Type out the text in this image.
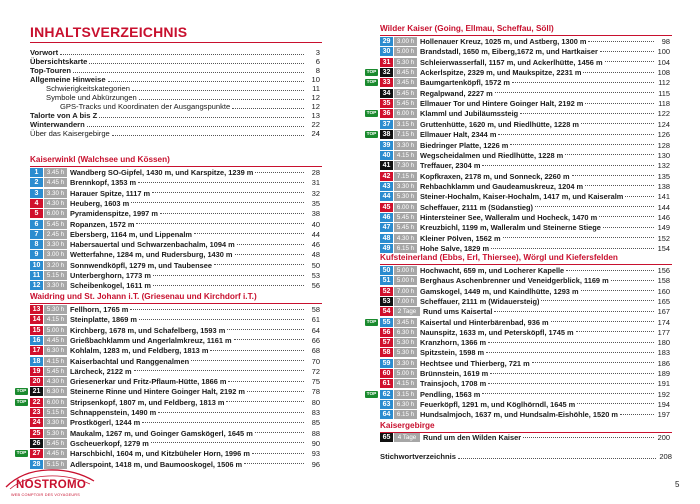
INHALTSVERZEICHNIS
Vorwort	3
Übersichtskarte	6
Top-Touren	8
Allgemeine Hinweise	10
Schwierigkeitskategorien	11
Symbole und Abkürzungen	12
GPS-Tracks und Koordinaten der Ausgangspunkte	12
Talorte von A bis Z	13
Winterwandern	22
Über das Kaisergebirge	24
Kaiserwinkl (Walchsee und Kössen)
1	3.45 h Wandberg SO-Gipfel, 1430 m, und Karspitze, 1239 m	28
2	4.45 h Brennkopf, 1353 m	31
3	3.30 h Harauer Spitze, 1117 m	32
4	4.30 h Heuberg, 1603 m	35
5	6.00 h Pyramidenspitze, 1997 m	38
6	5.45 h Ropanzen, 1572 m	40
7	2.45 h Ebersberg, 1164 m, und Lippenalm	44
8	3.30 h Habersauertal und Schwarzenbachalm, 1094 m	46
9	3.00 h Wetterfahne, 1284 m, und Rudersburg, 1430 m	48
10	3.20 h Sonnwendköpfl, 1279 m, und Taubensee	50
11	5.15 h Unterberghorn, 1773 m	53
12	3.30 h Scheibenkogel, 1611 m	56
Waidring und St. Johann i.T. (Griesenau und Kirchdorf i.T.)
13	5.30 h Fellhorn, 1765 m	58
14	4.15 h Steinplatte, 1869 m	61
15	5.00 h Kirchberg, 1678 m, und Schafelberg, 1593 m	64
16	4.45 h Grießbachklamm und Angerlalmkreuz, 1161 m	66
17	6.30 h Kohlalm, 1283 m, und Feldberg, 1813 m	68
18	4.15 h Kaiserbachtal und Ranggenalmen	70
19	5.45 h Lärcheck, 2122 m	72
20	4.30 h Griesenerkar und Fritz-Pflaum-Hütte, 1866 m	75
TOP 21	6.30 h Steinerne Rinne und Hintere Goinger Halt, 2192 m	78
TOP 22	6.00 h Stripsenkopf, 1807 m, und Feldberg, 1813 m	80
23	5.15 h Schnappenstein, 1490 m	83
24	3.30 h Prostkögerl, 1244 m	85
25	5.30 h Maukalm, 1267 m, und Goinger Gamskögerl, 1645 m	88
26	5.45 h Gscheuerkopf, 1279 m	90
TOP 27	4.45 h Harschbichl, 1604 m, und Kitzbüheler Horn, 1996 m	93
28	5.15 h Adlerspoint, 1418 m, und Baumooskogel, 1506 m	96
Wilder Kaiser (Going, Ellmau, Scheffau, Söll)
29	3.00 h Hollenauer Kreuz, 1025 m, und Astberg, 1300 m	98
30	5.00 h Brandstadl, 1650 m, Eiberg,1672 m, und Hartkaiser	100
31	5.30 h Schleierwasserfall, 1157 m, und Ackerlhütte, 1456 m	104
TOP 32	8.45 h Ackerlspitze, 2329 m, und Maukspitze, 2231 m	108
TOP 33	3.45 h Baumgartenköpfl, 1572 m	112
34	5.45 h Regalpwand, 2227 m	115
35	5.45 h Ellmauer Tor und Hintere Goinger Halt, 2192 m	118
TOP 36	6.00 h Klamml und Jubiläumssteig	122
37	3.15 h Gruttenhütte, 1620 m, und Riedlhütte, 1228 m	124
TOP 38	7.15 h Ellmauer Halt, 2344 m	126
39	3.30 h Biedringer Platte, 1226 m	128
40	4.15 h Wegscheidalmen und Riedlhütte, 1228 m	130
41	7.30 h Treffauer, 2304 m	132
42	7.15 h Kopfkraxen, 2178 m, und Sonneck, 2260 m	135
43	3.30 h Rehbachklamm und Gaudeamuskreuz, 1204 m	138
44	5.30 h Steiner-Hochalm, Kaiser-Hochalm, 1417 m, und Kaiseralm	141
45	6.00 h Scheffauer, 2111 m (Südanstieg)	144
46	5.45 h Hintersteiner See, Walleralm und Hocheck, 1470 m	146
47	5.45 h Kreuzbichl, 1199 m, Walleralm und Steinerne Stiege	149
48	4.30 h Kleiner Pölven, 1562 m	152
49	6.15 h Hohe Salve, 1829 m	154
Kufsteinerland (Ebbs, Erl, Thiersee), Wörgl und Kiefersfelden
50	5.00 h Hochwacht, 659 m, und Locherer Kapelle	156
51	5.00 h Berghaus Aschenbrenner und Veneidgerblick, 1169 m	158
52	7.00 h Gamskogel, 1449 m, und Kaindlhütte, 1293 m	160
53	7.00 h Scheffauer, 2111 m (Widauersteig)	165
54	2 Tage Rund ums Kaisertal	167
TOP 55	3.45 h Kaisertal und Hinterbärenbad, 936 m	174
56	6.30 h Naunspitz, 1633 m, und Petersköpfl, 1745 m	177
57	5.30 h Kranzhorn, 1366 m	180
58	5.30 h Spitzstein, 1598 m	183
59	3.30 h Hechtsee und Thierberg, 721 m	186
60	5.00 h Brünnstein, 1619 m	189
61	4.15 h Trainsjoch, 1708 m	191
TOP 62	3.15 h Pendling, 1563 m	192
63	6.30 h Feuerköpfl, 1291 m, und Köglhörndl, 1645 m	194
64	6.15 h Hundsalmjoch, 1637 m, und Hundsalm-Eishöhle, 1520 m	197
Kaisergebirge
65	4 Tage Rund um den Wilden Kaiser	200
Stichwortverzeichnis	208
5
NOSTROMO
WEB COMPTOIR DES VOYAGEURS
